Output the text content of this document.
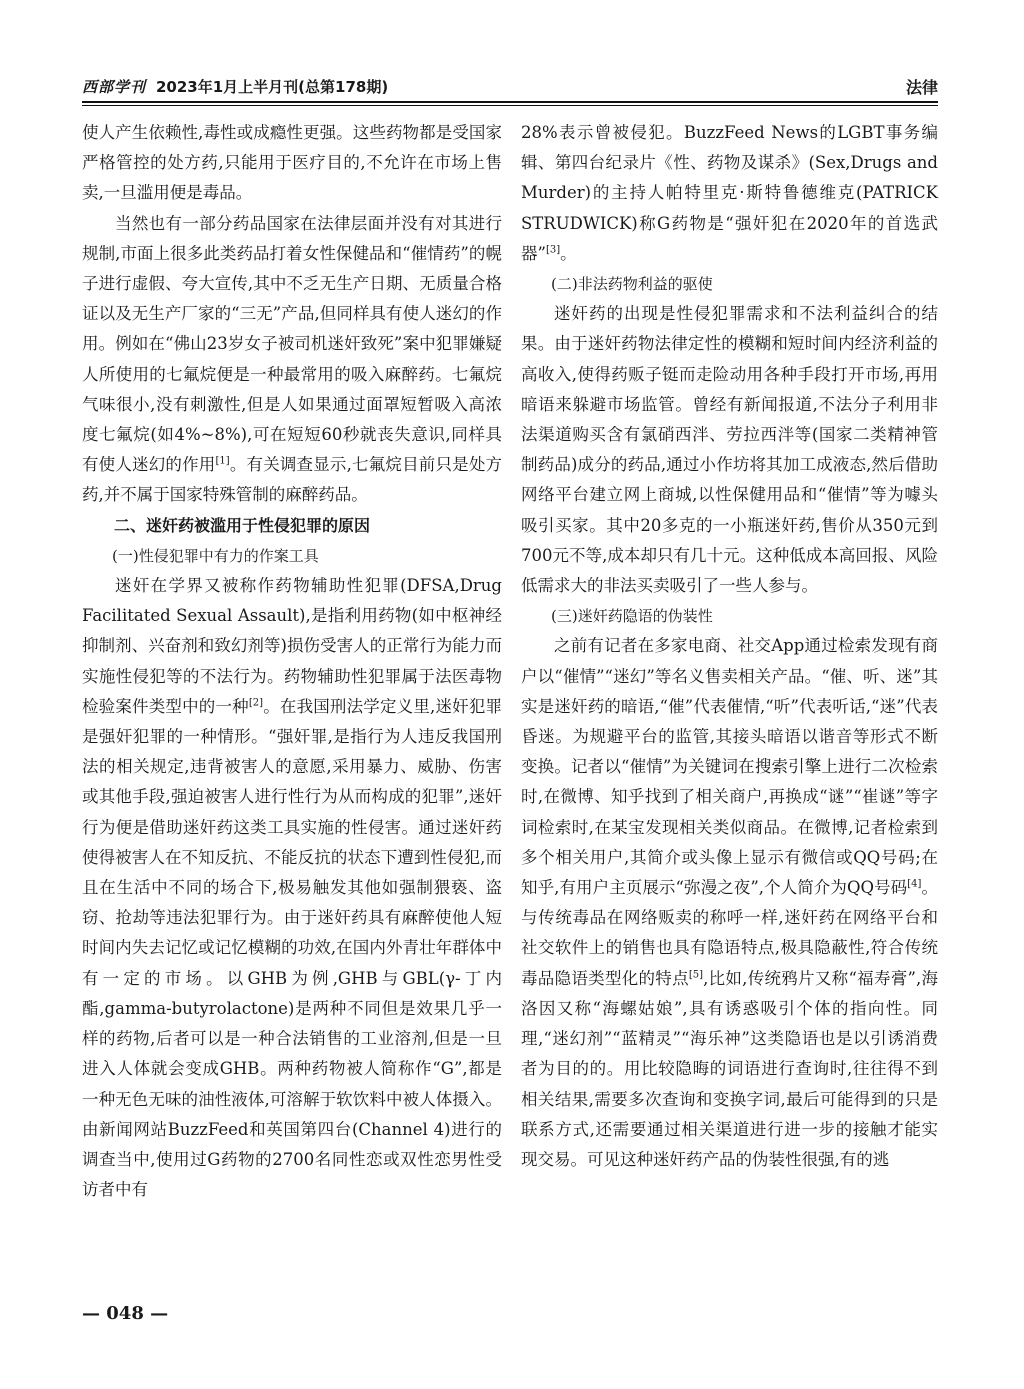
西部学刊 2023年1月上半月刊(总第178期)	法律

使人产生依赖性,毒性或成瘾性更强。这些药物都是受国家严格管控的处方药,只能用于医疗目的,不允许在市场上售卖,一旦滥用便是毒品。

当然也有一部分药品国家在法律层面并没有对其进行规制,市面上很多此类药品打着女性保健品和“催情药”的幌子进行虚假、夸大宣传,其中不乏无生产日期、无质量合格证以及无生产厂家的“三无”产品,但同样具有使人迷幻的作用。例如在“佛山23岁女子被司机迷奸致死”案中犯罪嫌疑人所使用的七氟烷便是一种最常用的吸入麻醉药。七氟烷气味很小,没有刺激性,但是人如果通过面罩短暂吸入高浓度七氟烷(如4%~8%),可在短短60秒就丧失意识,同样具有使人迷幻的作用[1]。有关调查显示,七氟烷目前只是处方药,并不属于国家特殊管制的麻醉药品。

二、迷奸药被滥用于性侵犯罪的原因

(一)性侵犯罪中有力的作案工具

迷奸在学界又被称作药物辅助性犯罪(DFSA,Drug Facilitated Sexual Assault),是指利用药物(如中枢神经抑制剂、兴奋剂和致幻剂等)损伤受害人的正常行为能力而实施性侵犯等的不法行为。药物辅助性犯罪属于法医毒物检验案件类型中的一种[2]。在我国刑法学定义里,迷奸犯罪是强奸犯罪的一种情形。“强奸罪,是指行为人违反我国刑法的相关规定,违背被害人的意愿,采用暴力、威胁、伤害或其他手段,强迫被害人进行性行为从而构成的犯罪”,迷奸行为便是借助迷奸药这类工具实施的性侵害。通过迷奸药使得被害人在不知反抗、不能反抗的状态下遭到性侵犯,而且在生活中不同的场合下,极易触发其他如强制猥亵、盗窃、抢劫等违法犯罪行为。由于迷奸药具有麻醉使他人短时间内失去记忆或记忆模糊的功效,在国内外青壮年群体中有一定的市场。以GHB为例,GHB与GBL(γ-丁内酯,gamma-butyrolactone)是两种不同但是效果几乎一样的药物,后者可以是一种合法销售的工业溶剂,但是一旦进入人体就会变成GHB。两种药物被人简称作“G”,都是一种无色无味的油性液体,可溶解于软饮料中被人体摄入。由新闻网站BuzzFeed和英国第四台(Channel 4)进行的调查当中,使用过G药物的2700名同性恋或双性恋男性受访者中有

28%表示曾被侵犯。BuzzFeed News的LGBT事务编辑、第四台纪录片《性、药物及谋杀》(Sex,Drugs and Murder)的主持人帕特里克·斯特鲁德维克(PATRICK STRUDWICK)称G药物是“强奸犯在2020年的首选武器”[3]。

(二)非法药物利益的驱使

迷奸药的出现是性侵犯罪需求和不法利益纠合的结果。由于迷奸药物法律定性的模糊和短时间内经济利益的高收入,使得药贩子铤而走险动用各种手段打开市场,再用暗语来躲避市场监管。曾经有新闻报道,不法分子利用非法渠道购买含有氯硝西泮、劳拉西泮等(国家二类精神管制药品)成分的药品,通过小作坊将其加工成液态,然后借助网络平台建立网上商城,以性保健用品和“催情”等为噱头吸引买家。其中20多克的一小瓶迷奸药,售价从350元到700元不等,成本却只有几十元。这种低成本高回报、风险低需求大的非法买卖吸引了一些人参与。

(三)迷奸药隐语的伪装性

之前有记者在多家电商、社交App通过检索发现有商户以“催情”“迷幻”等名义售卖相关产品。“催、听、迷”其实是迷奸药的暗语,“催”代表催情,“听”代表听话,“迷”代表昏迷。为规避平台的监管,其接头暗语以谐音等形式不断变换。记者以“催情”为关键词在搜索引擎上进行二次检索时,在微博、知乎找到了相关商户,再换成“谜”“崔谜”等字词检索时,在某宝发现相关类似商品。在微博,记者检索到多个相关用户,其简介或头像上显示有微信或QQ号码;在知乎,有用户主页展示“弥漫之夜”,个人简介为QQ号码[4]。与传统毒品在网络贩卖的称呼一样,迷奸药在网络平台和社交软件上的销售也具有隐语特点,极具隐蔽性,符合传统毒品隐语类型化的特点[5],比如,传统鸦片又称“福寿膏”,海洛因又称“海螺姑娘”,具有诱惑吸引个体的指向性。同理,“迷幻剂”“蓝精灵”“海乐神”这类隐语也是以引诱消费者为目的的。用比较隐晦的词语进行查询时,往往得不到相关结果,需要多次查询和变换字词,最后可能得到的只是联系方式,还需要通过相关渠道进行进一步的接触才能实现交易。可见这种迷奸药产品的伪装性很强,有的逃

— 048 —
